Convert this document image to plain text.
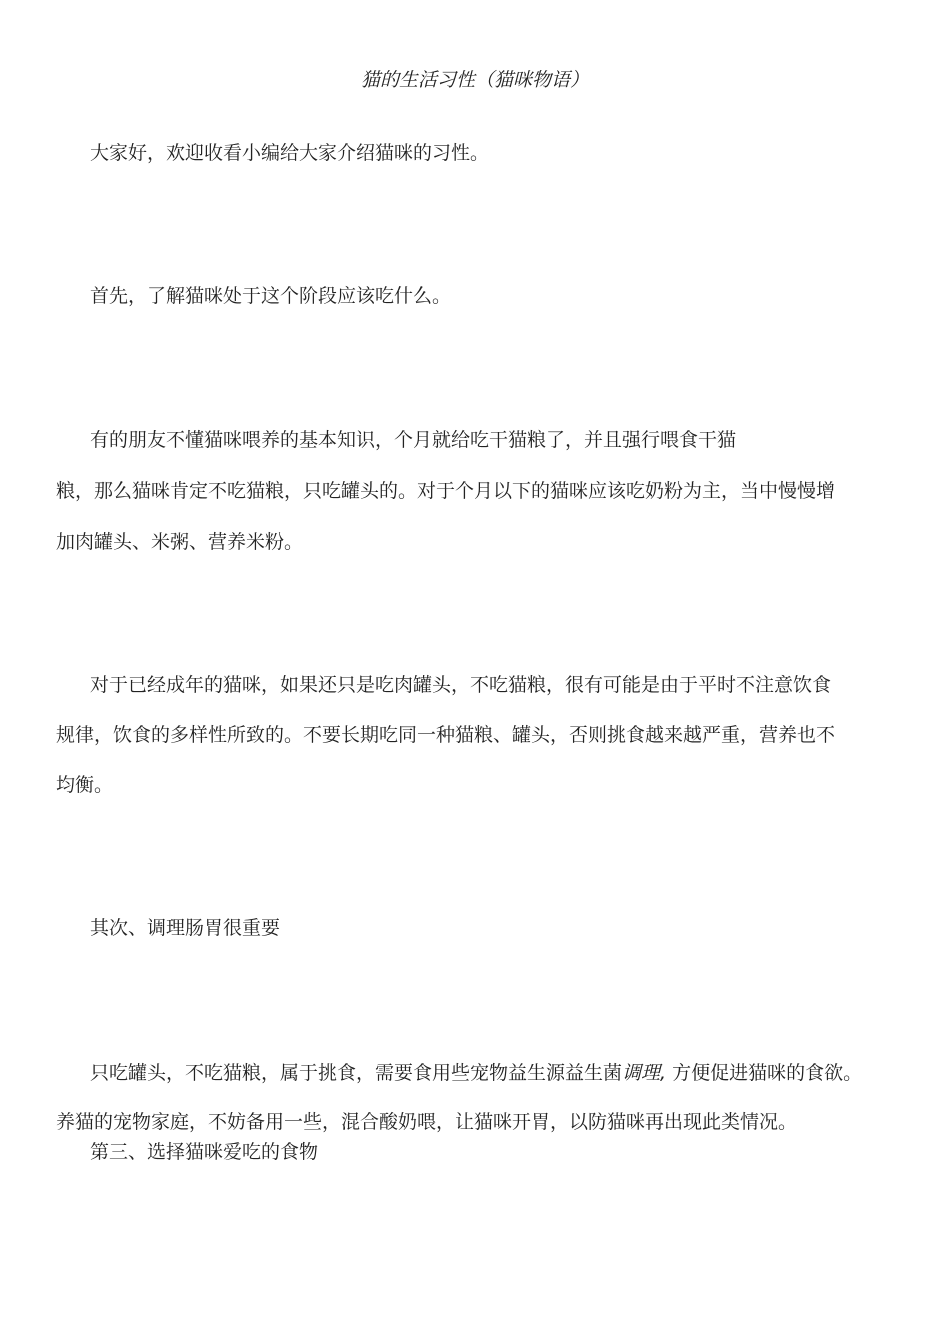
猫的生活习性（猫咪物语）
大家好，欢迎收看小编给大家介绍猫咪的习性。
首先，了解猫咪处于这个阶段应该吃什么。
有的朋友不懂猫咪喂养的基本知识，个月就给吃干猫粮了，并且强行喂食干猫
粮，那么猫咪肯定不吃猫粮，只吃罐头的。对于个月以下的猫咪应该吃奶粉为主，当中慢慢增
加肉罐头、米粥、营养米粉。
对于已经成年的猫咪，如果还只是吃肉罐头，不吃猫粮，很有可能是由于平时不注意饮食
规律，饮食的多样性所致的。不要长期吃同一种猫粮、罐头，否则挑食越来越严重，营养也不
均衡。
其次、调理肠胃很重要
只吃罐头，不吃猫粮，属于挑食，需要食用些宠物益生源益生菌调理, 方便促进猫咪的食欲。
养猫的宠物家庭，不妨备用一些，混合酸奶喂，让猫咪开胃，以防猫咪再出现此类情况。
第三、选择猫咪爱吃的食物
